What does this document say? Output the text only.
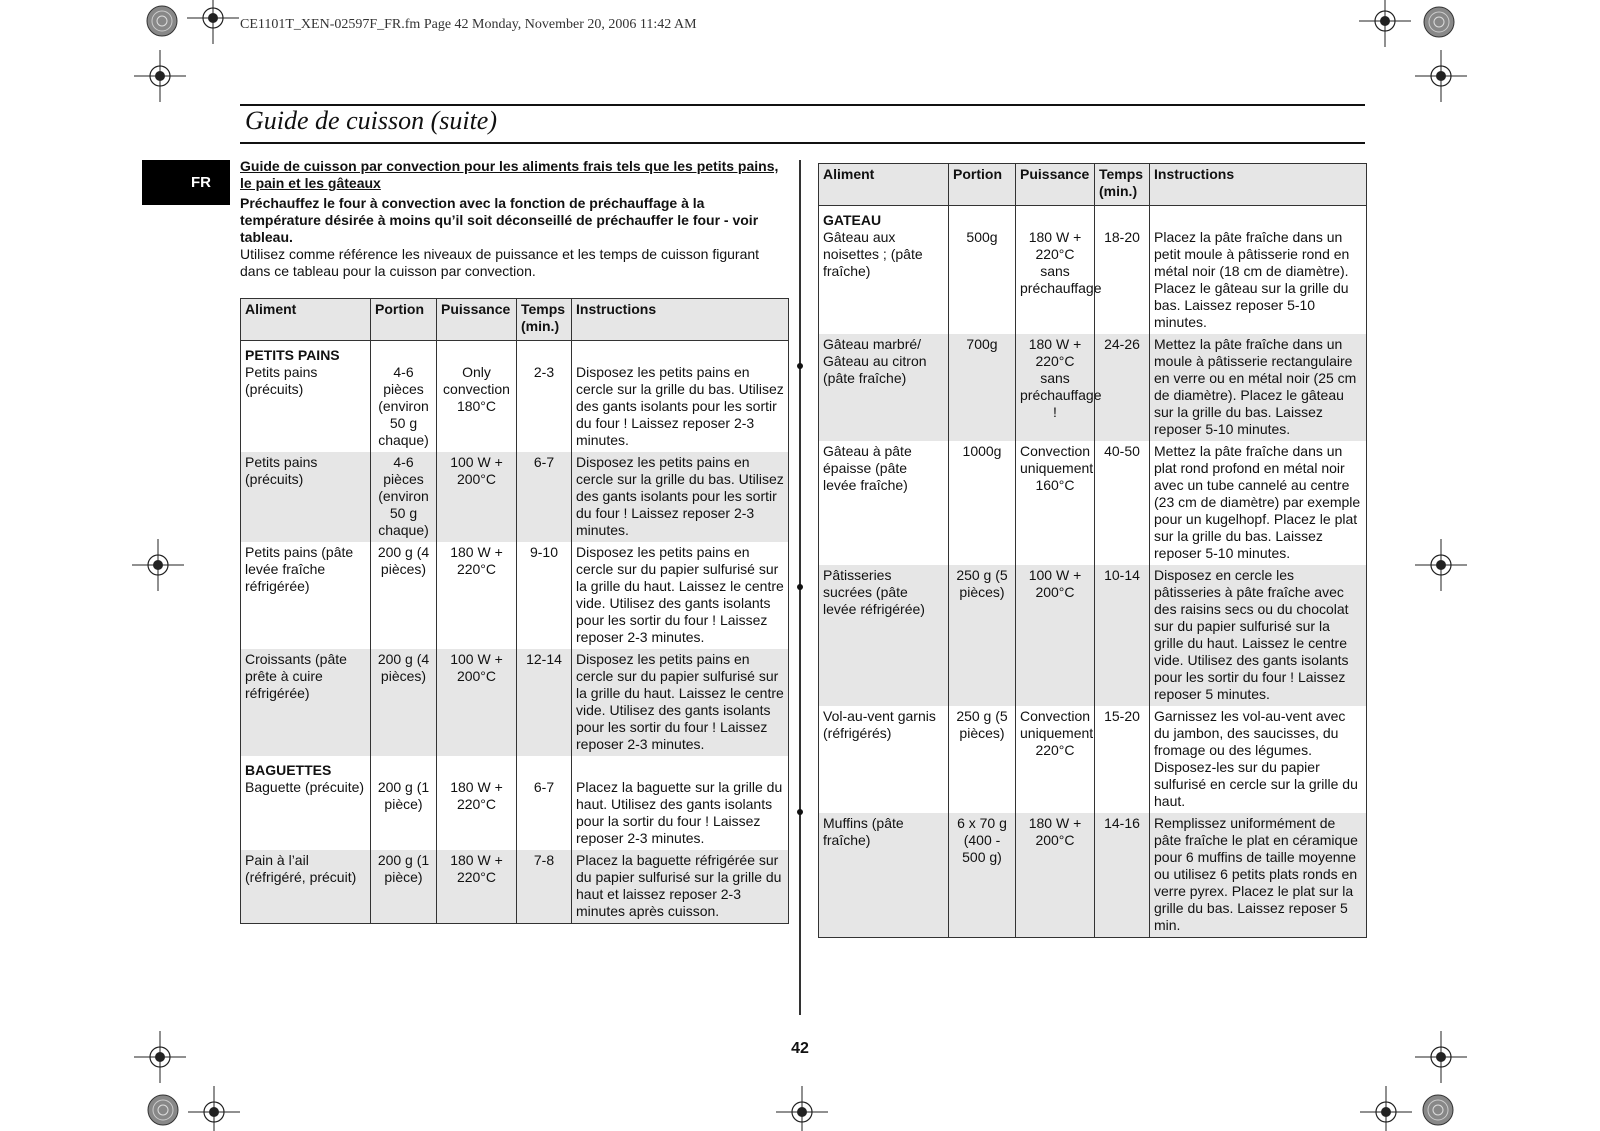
CE1101T_XEN-02597F_FR.fm Page 42 Monday, November 20, 2006 11:42 AM
Guide de cuisson (suite)
FR
Guide de cuisson par convection pour les aliments frais tels que les petits pains, le pain et les gâteaux
Préchauffez le four à convection avec la fonction de préchauffage à la température désirée à moins qu’il soit déconseillé de préchauffer le four - voir tableau.
Utilisez comme référence les niveaux de puissance et les temps de cuisson figurant dans ce tableau pour la cuisson par convection.
Aliment	Portion	Puissance	Temps (min.)	Instructions
PETITS PAINS				
Petits pains (précuits)	4-6 pièces (environ 50 g chaque)	Only convection 180°C	2-3	Disposez les petits pains en cercle sur la grille du bas. Utilisez des gants isolants pour les sortir du four ! Laissez reposer 2-3 minutes.
Petits pains (précuits)	4-6 pièces (environ 50 g chaque)	100 W + 200°C	6-7	Disposez les petits pains en cercle sur la grille du bas. Utilisez des gants isolants pour les sortir du four ! Laissez reposer 2-3 minutes.
Petits pains (pâte levée fraîche réfrigérée)	200 g (4 pièces)	180 W + 220°C	9-10	Disposez les petits pains en cercle sur du papier sulfurisé sur la grille du haut. Laissez le centre vide. Utilisez des gants isolants pour les sortir du four ! Laissez reposer 2-3 minutes.
Croissants (pâte prête à cuire réfrigérée)	200 g (4 pièces)	100 W + 200°C	12-14	Disposez les petits pains en cercle sur du papier sulfurisé sur la grille du haut. Laissez le centre vide. Utilisez des gants isolants pour les sortir du four ! Laissez reposer 2-3 minutes.
BAGUETTES				
Baguette (précuite)	200 g (1 pièce)	180 W + 220°C	6-7	Placez la baguette sur la grille du haut. Utilisez des gants isolants pour la sortir du four ! Laissez reposer 2-3 minutes.
Pain à l’ail (réfrigéré, précuit)	200 g (1 pièce)	180 W + 220°C	7-8	Placez la baguette réfrigérée sur du papier sulfurisé sur la grille du haut et laissez reposer 2-3 minutes après cuisson.
Aliment	Portion	Puissance	Temps (min.)	Instructions
GATEAU				
Gâteau aux noisettes ; (pâte fraîche)	500g	180 W + 220°C sans préchauffage	18-20	Placez la pâte fraîche dans un petit moule à pâtisserie rond en métal noir (18 cm de diamètre). Placez le gâteau sur la grille du bas. Laissez reposer 5-10 minutes.
Gâteau marbré/ Gâteau au citron (pâte fraîche)	700g	180 W + 220°C sans préchauffage !	24-26	Mettez la pâte fraîche dans un moule à pâtisserie rectangulaire en verre ou en métal noir (25 cm de diamètre). Placez le gâteau sur la grille du bas. Laissez reposer 5-10 minutes.
Gâteau à pâte épaisse (pâte levée fraîche)	1000g	Convection uniquement 160°C	40-50	Mettez la pâte fraîche dans un plat rond profond en métal noir avec un tube cannelé au centre (23 cm de diamètre) par exemple pour un kugelhopf. Placez le plat sur la grille du bas. Laissez reposer 5-10 minutes.
Pâtisseries sucrées (pâte levée réfrigérée)	250 g (5 pièces)	100 W + 200°C	10-14	Disposez en cercle les pâtisseries à pâte fraîche avec des raisins secs ou du chocolat sur du papier sulfurisé sur la grille du haut. Laissez le centre vide. Utilisez des gants isolants pour les sortir du four ! Laissez reposer 5 minutes.
Vol-au-vent garnis (réfrigérés)	250 g (5 pièces)	Convection uniquement 220°C	15-20	Garnissez les vol-au-vent avec du jambon, des saucisses, du fromage ou des légumes. Disposez-les sur du papier sulfurisé en cercle sur la grille du haut.
Muffins (pâte fraîche)	6 x 70 g (400 - 500 g)	180 W + 200°C	14-16	Remplissez uniformément de pâte fraîche le plat en céramique pour 6 muffins de taille moyenne ou utilisez 6 petits plats ronds en verre pyrex. Placez le plat sur la grille du bas. Laissez reposer 5 min.
42
